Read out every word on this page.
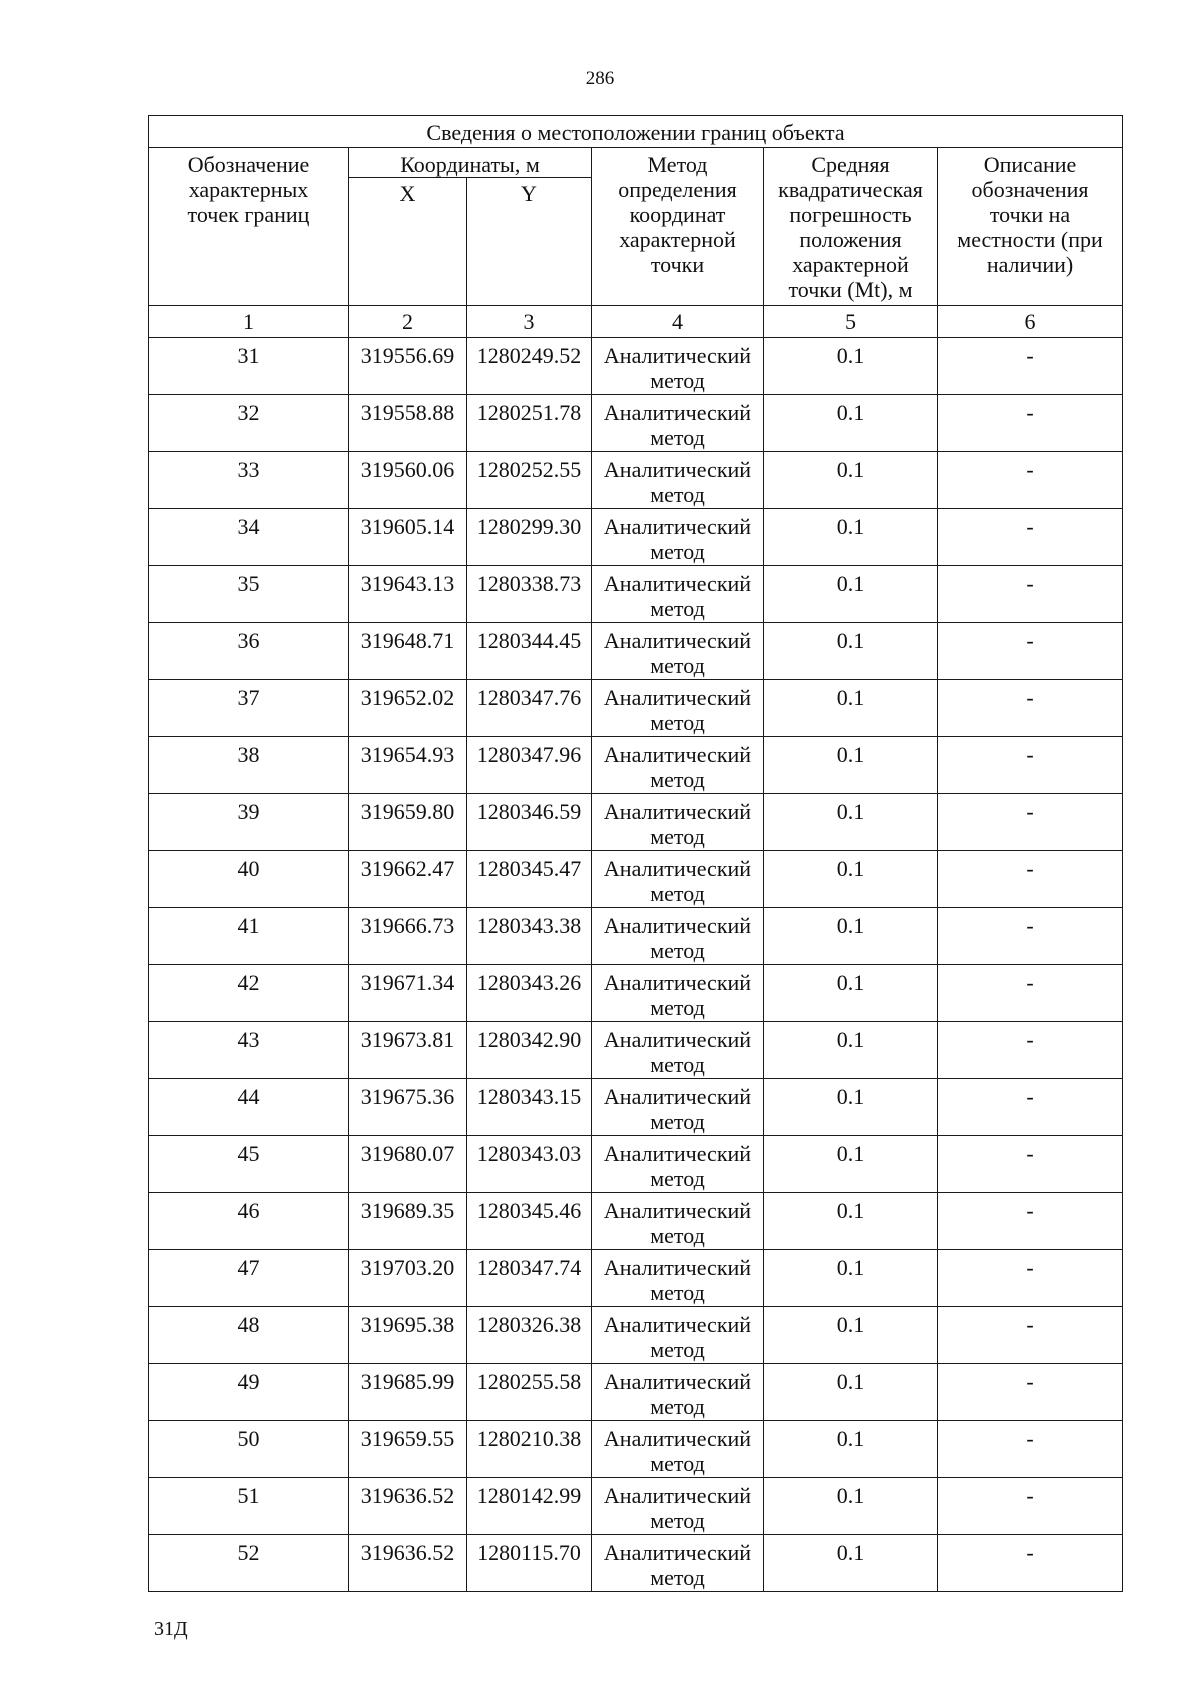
286
Сведения о местоположении границ объекта					
Обозначение характерных точек границ	Координаты, м		Метод определения координат характерной точки	Средняя квадратическая погрешность положения характерной точки (Mt), м	Описание обозначения точки на местности (при наличии)
	X	Y			
1	2	3	4	5	6
31	319556.69	1280249.52	Аналитический метод	0.1	-
32	319558.88	1280251.78	Аналитический метод	0.1	-
33	319560.06	1280252.55	Аналитический метод	0.1	-
34	319605.14	1280299.30	Аналитический метод	0.1	-
35	319643.13	1280338.73	Аналитический метод	0.1	-
36	319648.71	1280344.45	Аналитический метод	0.1	-
37	319652.02	1280347.76	Аналитический метод	0.1	-
38	319654.93	1280347.96	Аналитический метод	0.1	-
39	319659.80	1280346.59	Аналитический метод	0.1	-
40	319662.47	1280345.47	Аналитический метод	0.1	-
41	319666.73	1280343.38	Аналитический метод	0.1	-
42	319671.34	1280343.26	Аналитический метод	0.1	-
43	319673.81	1280342.90	Аналитический метод	0.1	-
44	319675.36	1280343.15	Аналитический метод	0.1	-
45	319680.07	1280343.03	Аналитический метод	0.1	-
46	319689.35	1280345.46	Аналитический метод	0.1	-
47	319703.20	1280347.74	Аналитический метод	0.1	-
48	319695.38	1280326.38	Аналитический метод	0.1	-
49	319685.99	1280255.58	Аналитический метод	0.1	-
50	319659.55	1280210.38	Аналитический метод	0.1	-
51	319636.52	1280142.99	Аналитический метод	0.1	-
52	319636.52	1280115.70	Аналитический метод	0.1	-
31Д
